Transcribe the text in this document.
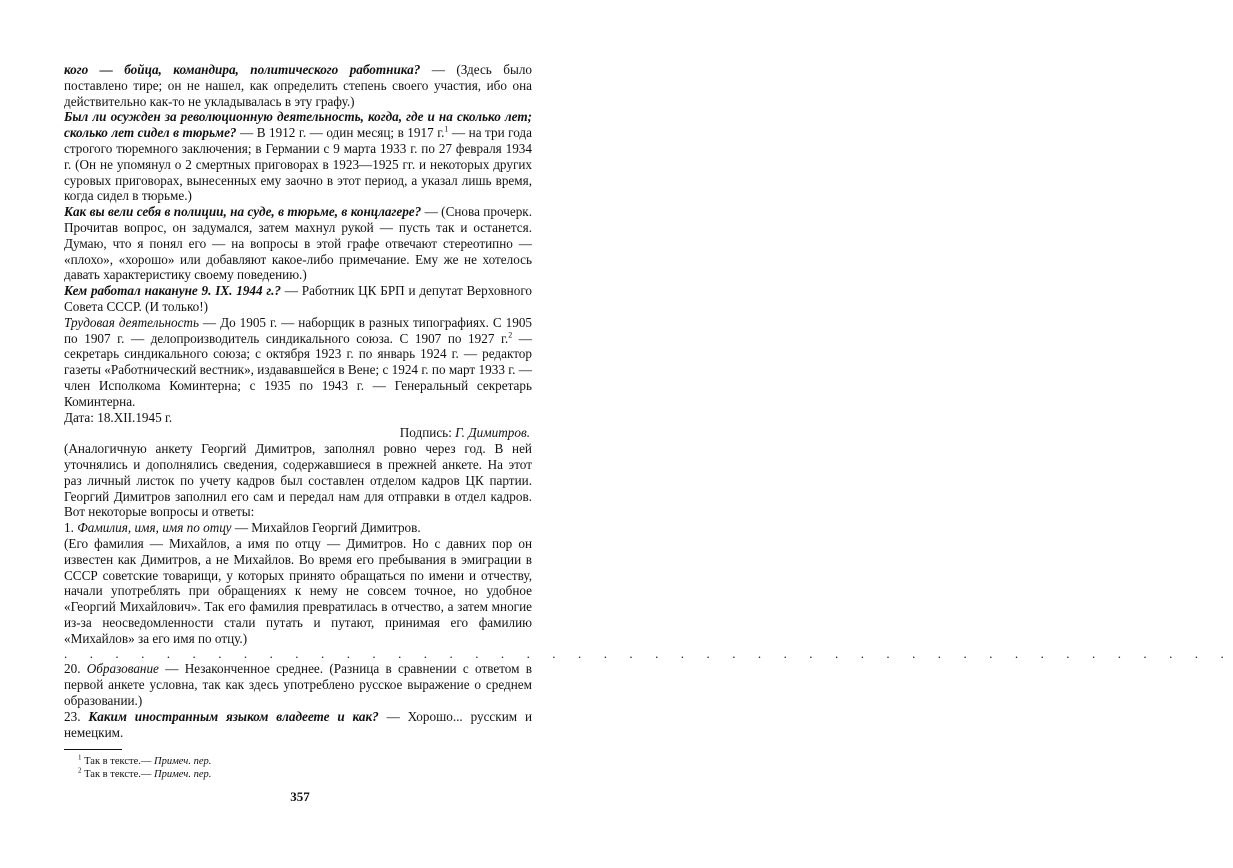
кого — бойца, командира, политического работника? — (Здесь было поставлено тире; он не нашел, как определить степень своего участия, ибо она действительно как-то не укладывалась в эту графу.)

Был ли осужден за революционную деятельность, когда, где и на сколько лет; сколько лет сидел в тюрьме? — В 1912 г. — один месяц; в 1917 г.$^1$ — на три года строгого тюремного заключения; в Германии с 9 марта 1933 г. по 27 февраля 1934 г. (Он не упомянул о 2 смертных приговорах в 1923—1925 гг. и некоторых других суровых приговорах, вынесенных ему заочно в этот период, а указал лишь время, когда сидел в тюрьме.)

Как вы вели себя в полиции, на суде, в тюрьме, в концлагере? — (Снова прочерк. Прочитав вопрос, он задумался, затем махнул рукой — пусть так и останется. Думаю, что я понял его — на вопросы в этой графе отвечают стереотипно — «плохо», «хорошо» или добавляют какое-либо примечание. Ему же не хотелось давать характеристику своему поведению.)

Кем работал накануне 9. IX. 1944 г.? — Работник ЦК БРП и депутат Верховного Совета СССР. (И только!)

Трудовая деятельность — До 1905 г. — наборщик в разных типографиях. С 1905 по 1907 г. — делопроизводитель синдикального союза. С 1907 по 1927 г.$^2$ — секретарь синдикального союза; с октября 1923 г. по январь 1924 г. — редактор газеты «Работнический вестник», издававшейся в Вене; с 1924 г. по март 1933 г. — член Исполкома Коминтерна; с 1935 по 1943 г. — Генеральный секретарь Коминтерна.

Дата: 18.XII.1945 г.

Подпись: Г. Димитров.

(Аналогичную анкету Георгий Димитров, заполнял ровно через год. В ней уточнялись и дополнялись сведения, содержавшиеся в прежней анкете. На этот раз личный листок по учету кадров был составлен отделом кадров ЦК партии. Георгий Димитров заполнил его сам и передал нам для отправки в отдел кадров. Вот некоторые вопросы и ответы:

1. Фамилия, имя, имя по отцу — Михайлов Георгий Димитров.

(Его фамилия — Михайлов, а имя по отцу — Димитров. Но с давних пор он известен как Димитров, а не Михайлов. Во время его пребывания в эмиграции в СССР советские товарищи, у которых принято обращаться по имени и отчеству, начали употреблять при обращениях к нему не совсем точное, но удобное «Георгий Михайлович». Так его фамилия превратилась в отчество, а затем многие из-за неосведомленности стали путать и путают, принимая его фамилию «Михайлов» за его имя по отцу.)

. . . . . . . . . . . . . . . . . . . . . . . . . . . . . . . . . . . . . . . . . . . . . .

20. Образование — Незаконченное среднее. (Разница в сравнении с ответом в первой анкете условна, так как здесь употреблено русское выражение о среднем образовании.)

23. Каким иностранным языком владеете и как? — Хорошо... русским и немецким.

$^1$ Так в тексте.— Примеч. пер.
$^2$ Так в тексте.— Примеч. пер.
357
